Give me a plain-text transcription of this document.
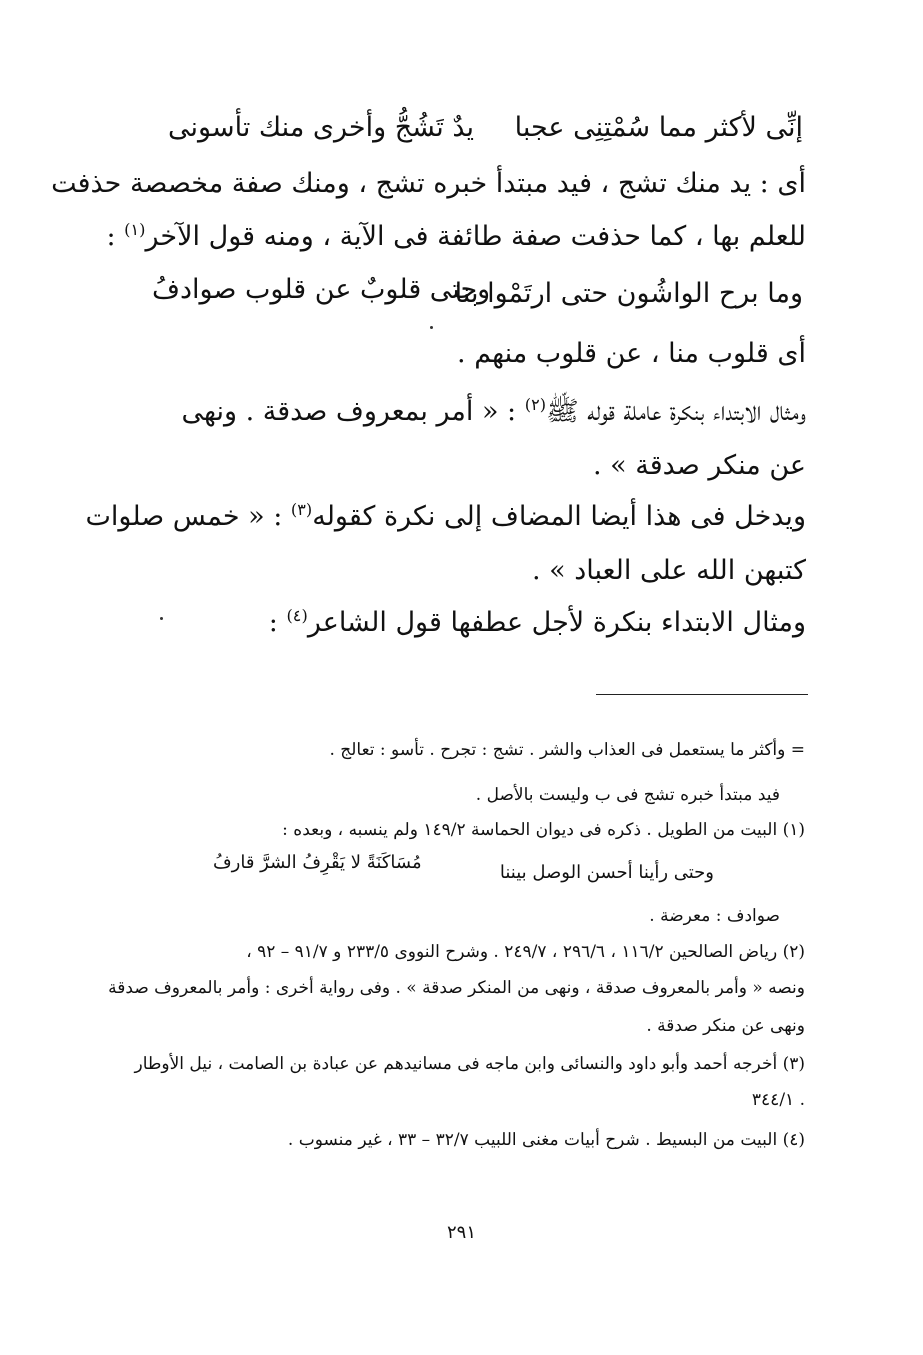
إنِّى لأكثر مما سُمْتِنِى عجبا
يدٌ تَشُجُّ وأخرى منك تأسونى
أى : يد منك تشج ، فيد مبتدأ خبره تشج ، ومنك صفة مخصصة حذفت
للعلم بها ، كما حذفت صفة طائفة فى الآية ، ومنه قول الآخر$^{(١)}$ :
وما برح الواشُون حتى ارتَمْوا بنا
وحتى قلوبٌ عن قلوب صوادفُ
أى قلوب منا ، عن قلوب منهم .
ومثال الابتداء بنكرة عاملة قوله ﷺ$^{(٢)}$ : « أمر بمعروف صدقة . ونهى
عن منكر صدقة » .
ويدخل فى هذا أيضا المضاف إلى نكرة كقوله$^{(٣)}$ : « خمس صلوات
كتبهن الله على العباد » .
ومثال الابتداء بنكرة لأجل عطفها قول الشاعر$^{(٤)}$ :
= وأكثر ما يستعمل فى العذاب والشر . تشج : تجرح . تأسو : تعالج .
فيد مبتدأ خبره تشج فى ب وليست بالأصل .
(١) البيت من الطويل . ذكره فى ديوان الحماسة ١٤٩/٢ ولم ينسبه ، وبعده :
وحتى رأينا أحسن الوصل بيننا
مُسَاكَنَةً لا يَقْرِفُ الشرَّ قارفُ
صوادف : معرضة .
(٢) رياض الصالحين ١١٦/٢ ، ٢٩٦/٦ ، ٢٤٩/٧ . وشرح النووى ٢٣٣/٥ و ٩١/٧ – ٩٢ ،
ونصه « وأمر بالمعروف صدقة ، ونهى من المنكر صدقة » . وفى رواية أخرى : وأمر بالمعروف صدقة
ونهى عن منكر صدقة .
(٣) أخرجه أحمد وأبو داود والنسائى وابن ماجه فى مسانيدهم عن عبادة بن الصامت ، نيل الأوطار
٣٤٤/١ .
(٤) البيت من البسيط . شرح أبيات مغنى اللبيب ٣٢/٧ – ٣٣ ، غير منسوب .
٢٩١
